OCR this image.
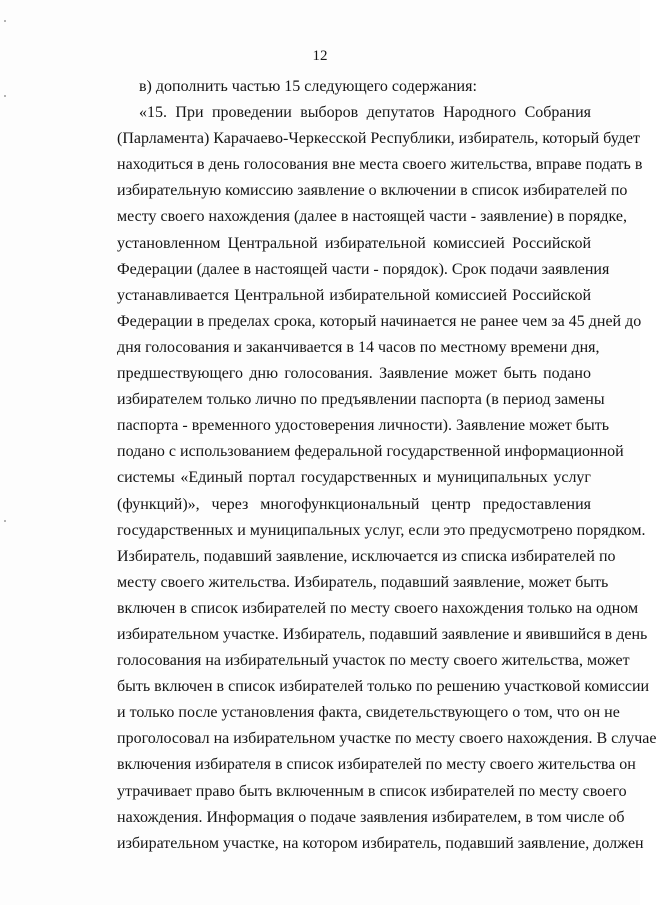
12
в) дополнить частью 15 следующего содержания:
«15. При проведении выборов депутатов Народного Собрания
(Парламента) Карачаево-Черкесской Республики, избиратель, который будет
находиться в день голосования вне места своего жительства, вправе подать в
избирательную комиссию заявление о включении в список избирателей по
месту своего нахождения (далее в настоящей части - заявление) в порядке,
установленном Центральной избирательной комиссией Российской
Федерации (далее в настоящей части - порядок). Срок подачи заявления
устанавливается Центральной избирательной комиссией Российской
Федерации в пределах срока, который начинается не ранее чем за 45 дней до
дня голосования и заканчивается в 14 часов по местному времени дня,
предшествующего дню голосования. Заявление может быть подано
избирателем только лично по предъявлении паспорта (в период замены
паспорта - временного удостоверения личности). Заявление может быть
подано с использованием федеральной государственной информационной
системы «Единый портал государственных и муниципальных услуг
(функций)», через многофункциональный центр предоставления
государственных и муниципальных услуг, если это предусмотрено порядком.
Избиратель, подавший заявление, исключается из списка избирателей по
месту своего жительства. Избиратель, подавший заявление, может быть
включен в список избирателей по месту своего нахождения только на одном
избирательном участке. Избиратель, подавший заявление и явившийся в день
голосования на избирательный участок по месту своего жительства, может
быть включен в список избирателей только по решению участковой комиссии
и только после установления факта, свидетельствующего о том, что он не
проголосовал на избирательном участке по месту своего нахождения. В случае
включения избирателя в список избирателей по месту своего жительства он
утрачивает право быть включенным в список избирателей по месту своего
нахождения. Информация о подаче заявления избирателем, в том числе об
избирательном участке, на котором избиратель, подавший заявление, должен
